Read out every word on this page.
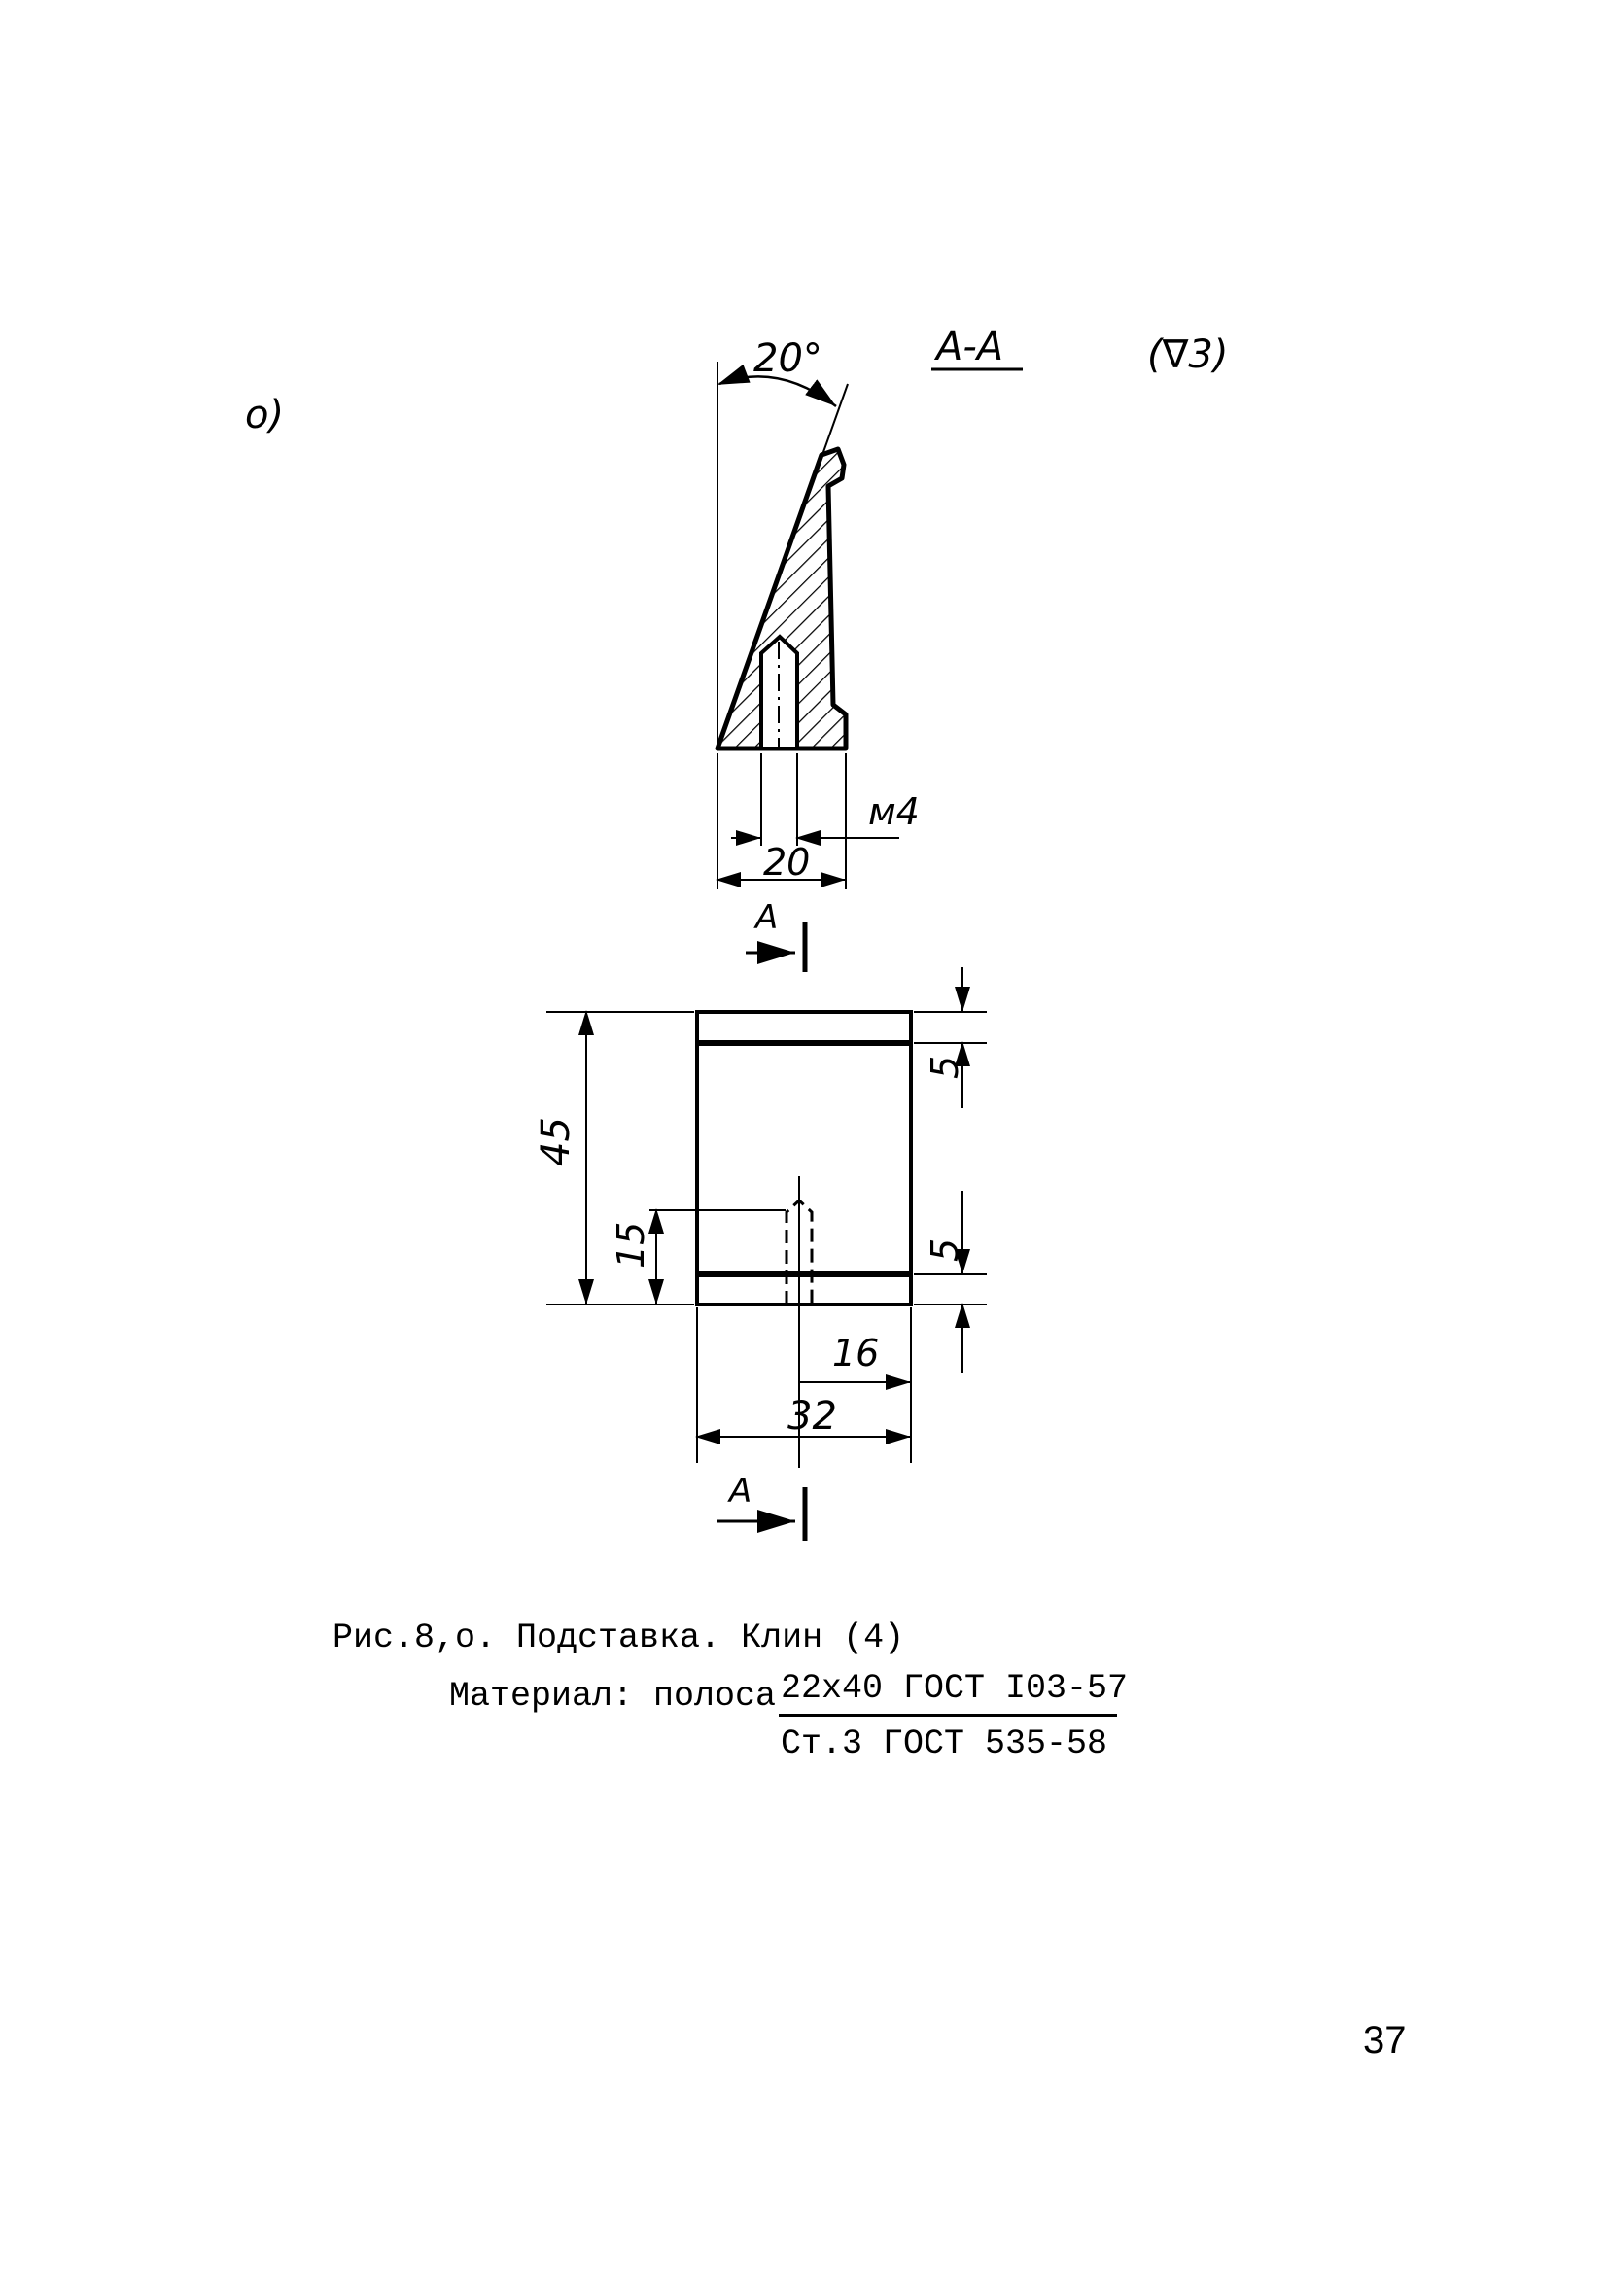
о)
А-А	(∇3)
20°
м4
20
А
45
15
5
5
16
32
А
Рис.8,о. Подставка. Клин (4)
Материал: полоса 22х40 ГОСТ I03-57
Ст.3 ГОСТ 535-58
37
